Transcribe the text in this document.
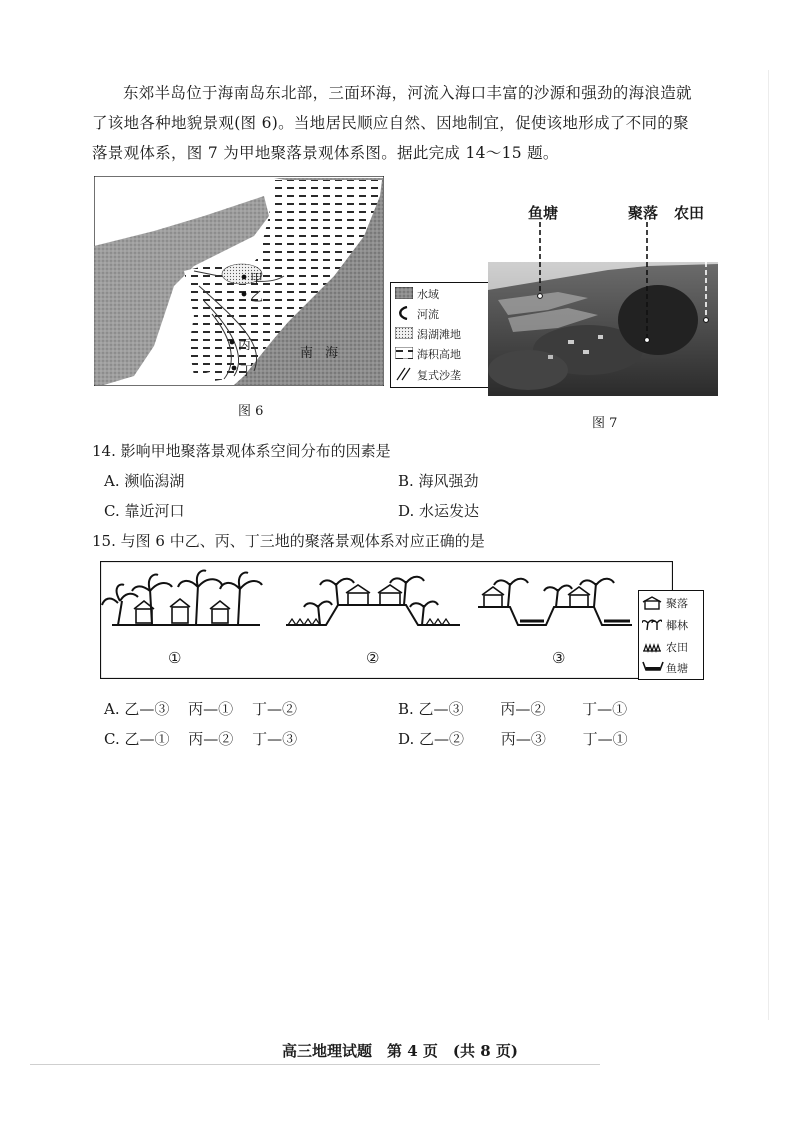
东郊半岛位于海南岛东北部，三面环海，河流入海口丰富的沙源和强劲的海浪造就了该地各种地貌景观(图 6)。当地居民顺应自然、因地制宜，促使该地形成了不同的聚落景观体系，图 7 为甲地聚落景观体系图。据此完成 14～15 题。

甲
乙
丙
丁
南 海
水域
河流
潟湖滩地
海积高地
复式沙垄
图 6
鱼塘	聚落 农田
图 7
14. 影响甲地聚落景观体系空间分布的因素是
A. 濒临潟湖	B. 海风强劲
C. 靠近河口	D. 水运发达
15. 与图 6 中乙、丙、丁三地的聚落景观体系对应正确的是
①	②	③
聚落
椰林
农田
鱼塘
A. 乙—③ 丙—① 丁—②	B. 乙—③ 丙—② 丁—①
C. 乙—① 丙—② 丁—③	D. 乙—② 丙—③ 丁—①
高三地理试题　第 4 页　(共 8 页)
